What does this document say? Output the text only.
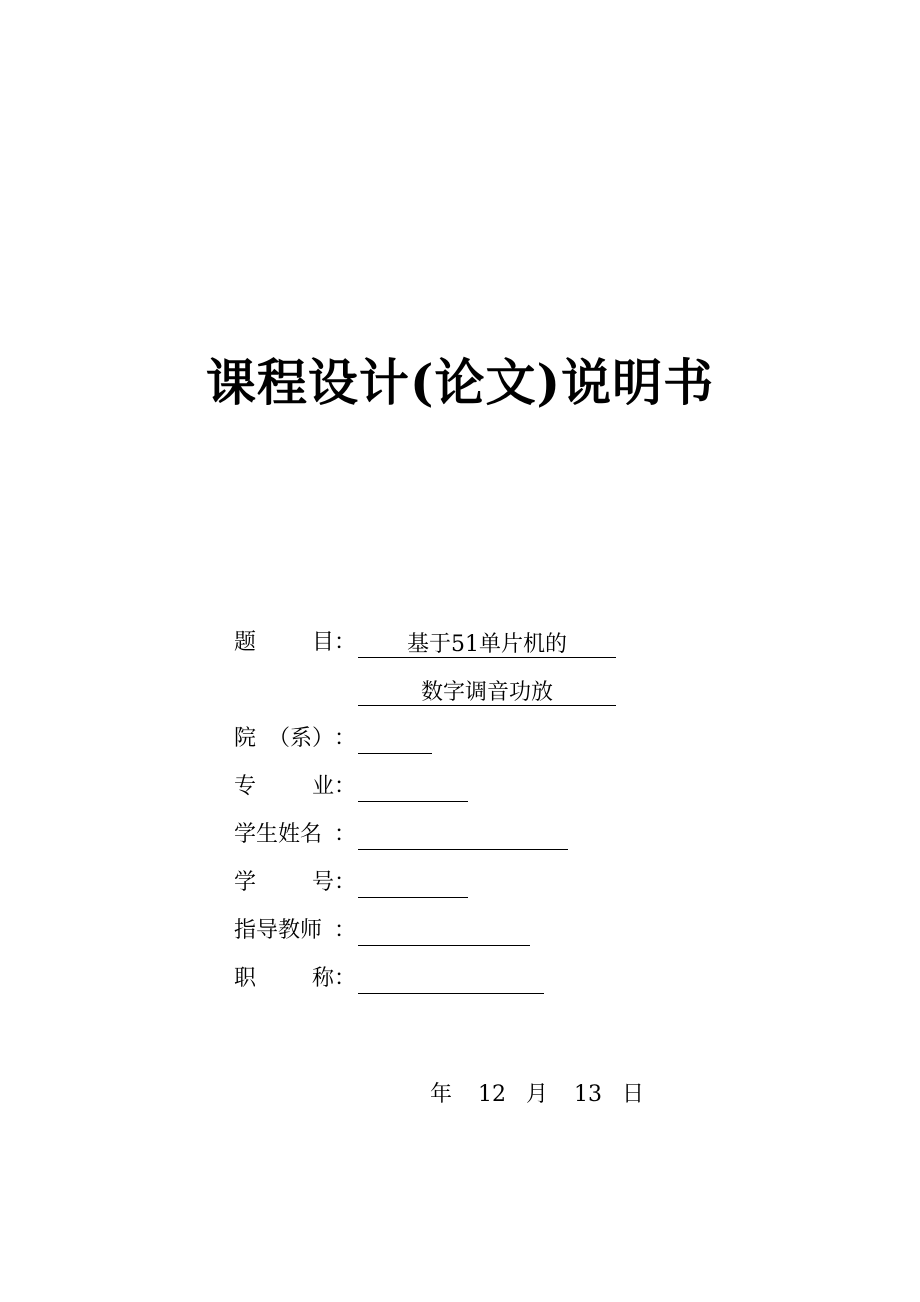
课程设计(论文)说明书
题	目 ：	基于51单片机的
数字调音功放
院 （系） ：
专	业 ：
学生姓名 ：
学	号 ：
指导教师 ：
职	称 ：
年 12 月 13 日
